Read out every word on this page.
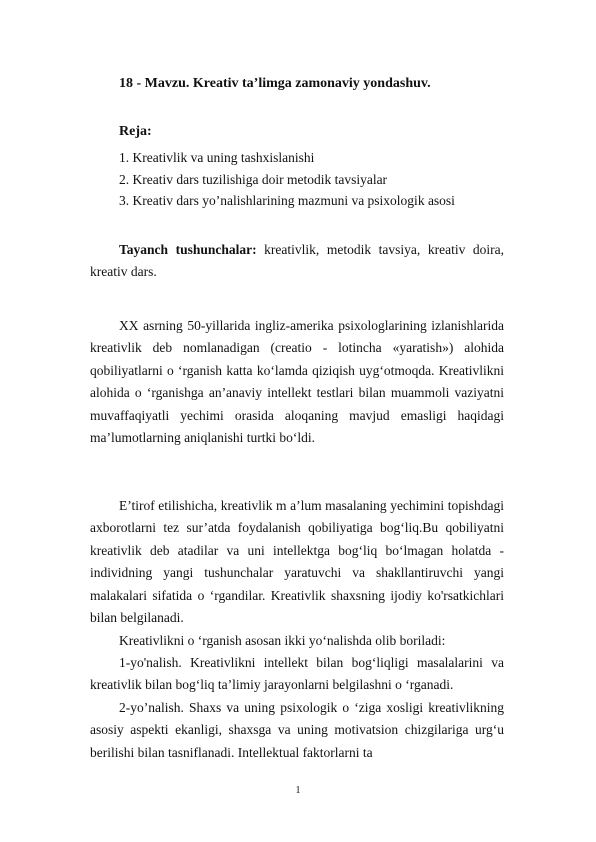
18 - Mavzu. Kreativ ta’limga zamonaviy yondashuv.
Reja:
1. Kreativlik va uning tashxislanishi
2. Kreativ dars tuzilishiga doir metodik tavsiyalar
3. Kreativ dars yo’nalishlarining mazmuni va psixologik asosi

Tayanch tushunchalar: kreativlik, metodik tavsiya, kreativ doira, kreativ dars.

XX asrning 50-yillarida ingliz-amerika psixologlarining izlanishlarida kreativlik deb nomlanadigan (creatio - lotincha «yaratish») alohida qobiliyatlarni o ‘rganish katta ko‘lamda qiziqish uyg‘otmoqda. Kreativlikni alohida o ‘rganishga an’anaviy intellekt testlari bilan muammoli vaziyatni muvaffaqiyatli yechimi orasida aloqaning mavjud emasligi haqidagi ma’lumotlarning aniqlanishi turtki bo‘ldi.

E’tirof etilishicha, kreativlik m a’lum masalaning yechimini topishdagi axborotlarni tez sur’atda foydalanish qobiliyatiga bog‘liq.Bu qobiliyatni kreativlik deb atadilar va uni intellektga bog‘liq bo‘lmagan holatda - individning yangi tushunchalar yaratuvchi va shakllantiruvchi yangi malakalari sifatida o ‘rgandilar. Kreativlik shaxsning ijodiy ko'rsatkichlari bilan belgilanadi.

Kreativlikni o ‘rganish asosan ikki yo‘nalishda olib boriladi:

1-yo'nalish. Kreativlikni intellekt bilan bog‘liqligi masalalarini va kreativlik bilan bog‘liq ta’limiy jarayonlarni belgilashni o ‘rganadi.

2-yo’nalish. Shaxs va uning psixologik o ‘ziga xosligi kreativlikning asosiy aspekti ekanligi, shaxsga va uning motivatsion chizgilariga urg‘u berilishi bilan tasniflanadi. Intellektual faktorlarni ta

1
